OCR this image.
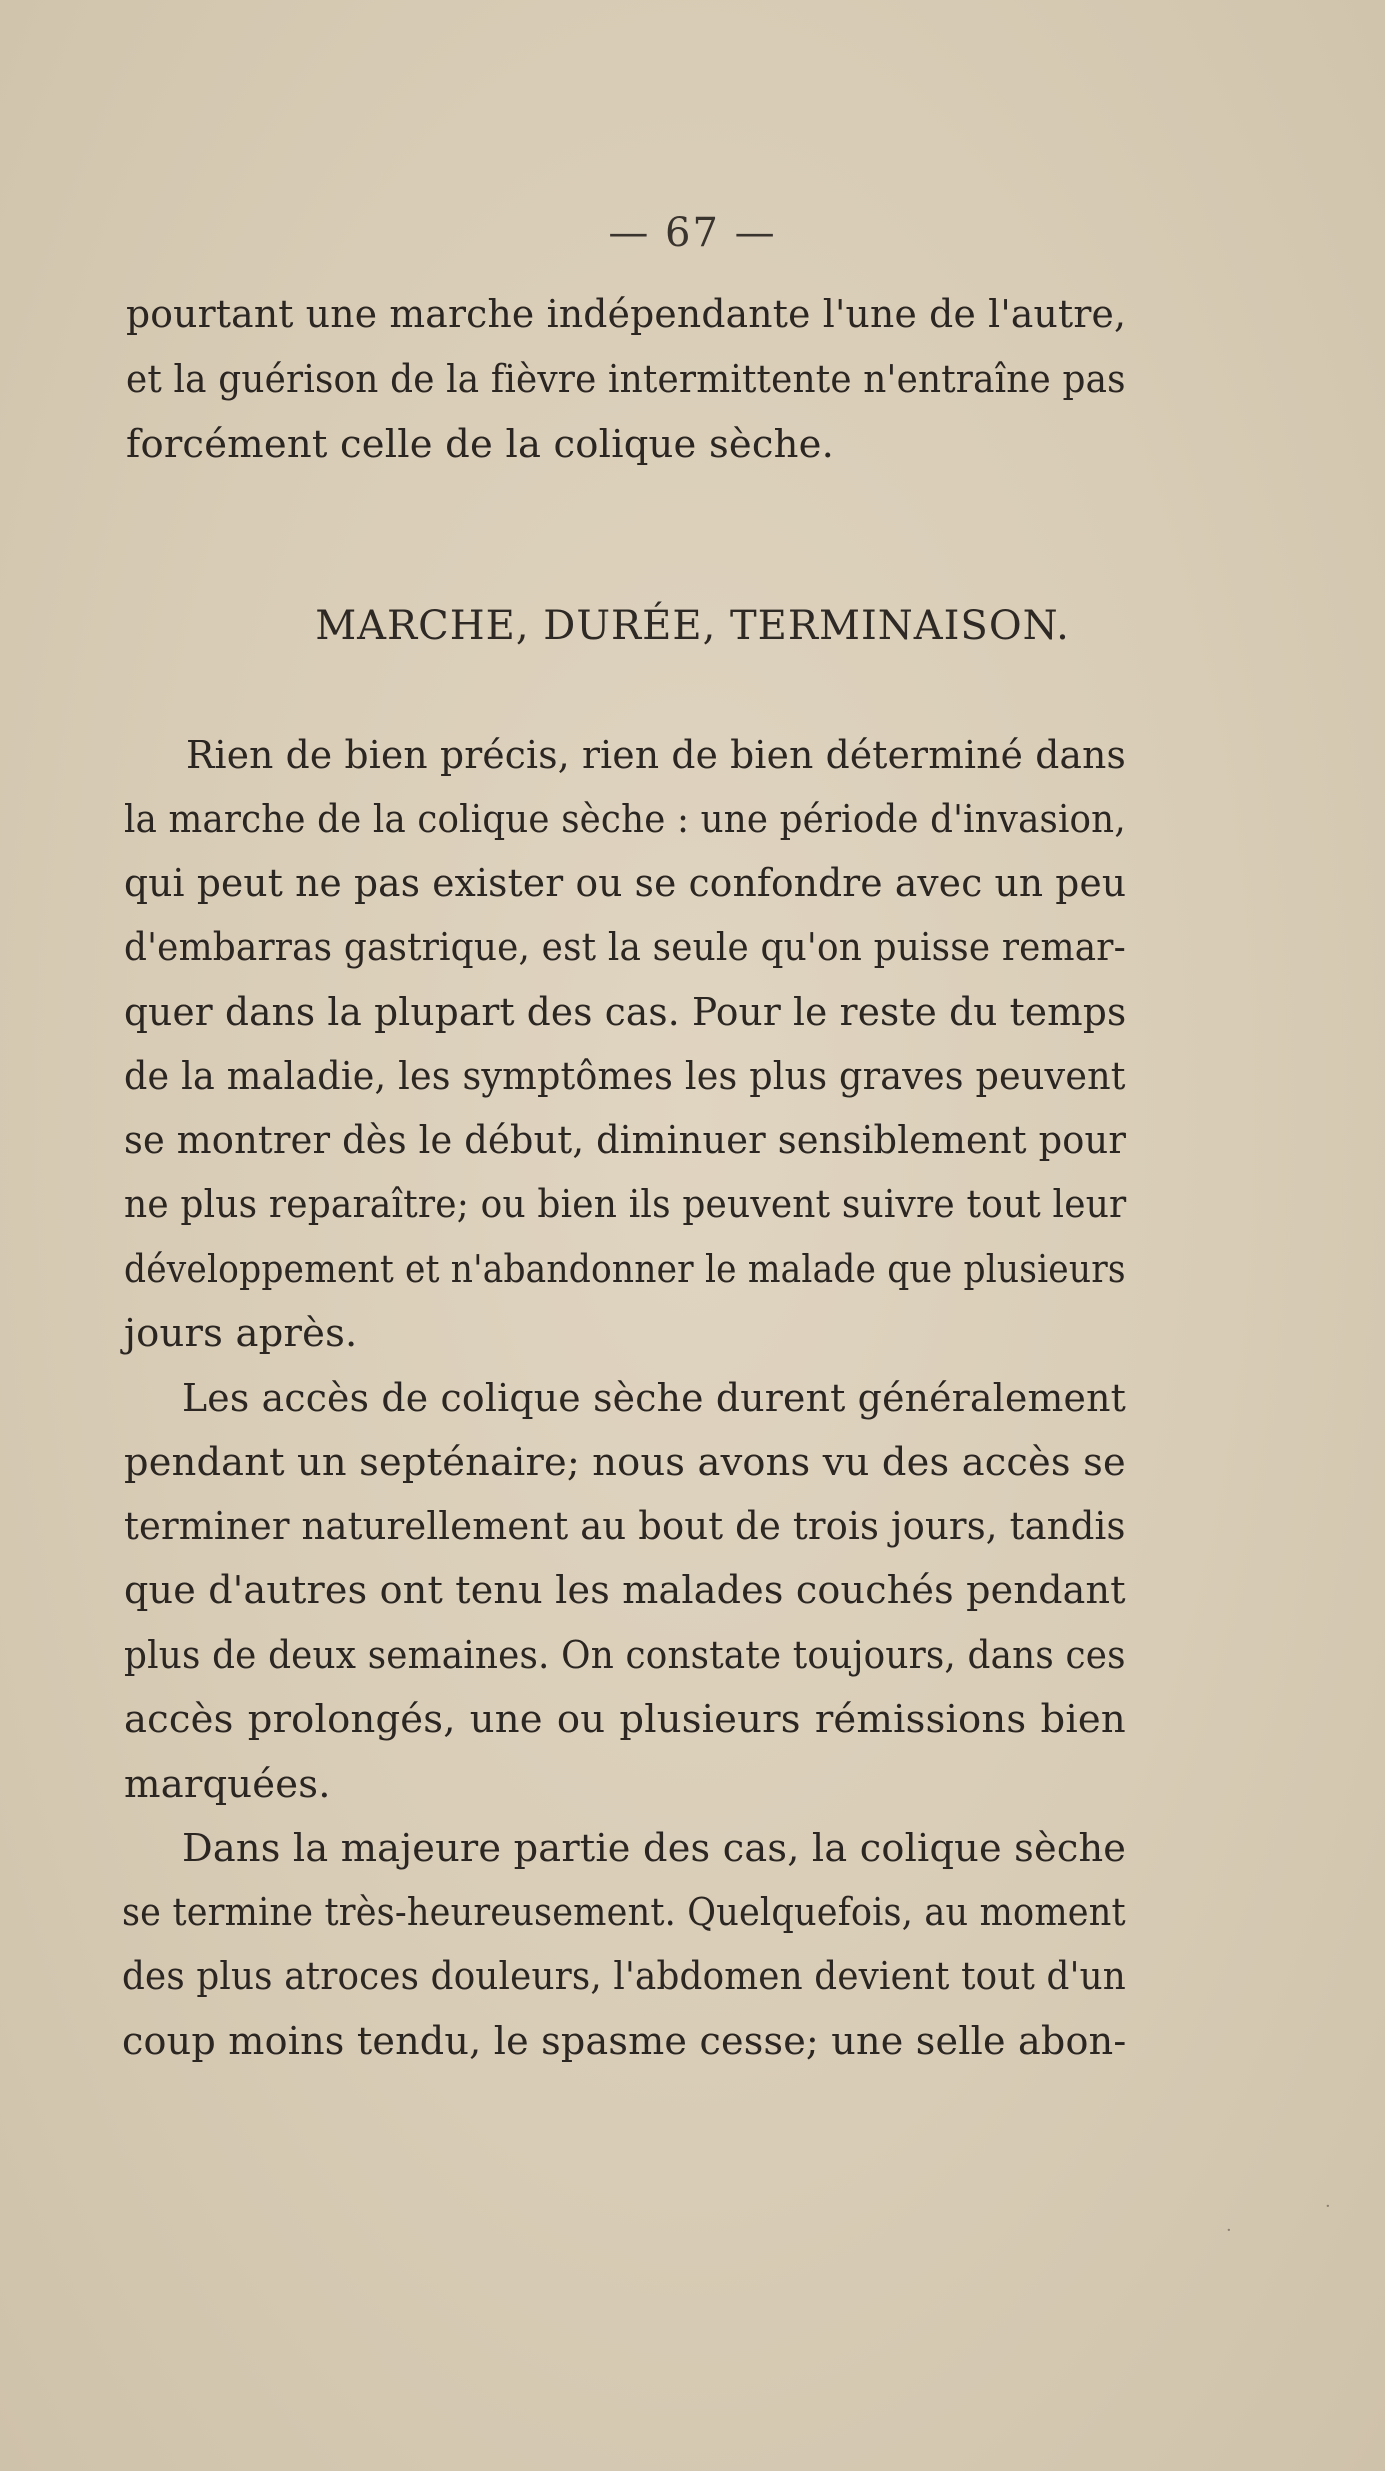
— 67 —
pourtant une marche indépendante l'une de l'autre,
et la guérison de la fièvre intermittente n'entraîne pas
forcément celle de la colique sèche.
MARCHE, DURÉE, TERMINAISON.
Rien de bien précis, rien de bien déterminé dans
la marche de la colique sèche : une période d'invasion,
qui peut ne pas exister ou se confondre avec un peu
d'embarras gastrique, est la seule qu'on puisse remar-
quer dans la plupart des cas. Pour le reste du temps
de la maladie, les symptômes les plus graves peuvent
se montrer dès le début, diminuer sensiblement pour
ne plus reparaître; ou bien ils peuvent suivre tout leur
développement et n'abandonner le malade que plusieurs
jours après.
Les accès de colique sèche durent généralement
pendant un septénaire; nous avons vu des accès se
terminer naturellement au bout de trois jours, tandis
que d'autres ont tenu les malades couchés pendant
plus de deux semaines. On constate toujours, dans ces
accès prolongés, une ou plusieurs rémissions bien
marquées.
Dans la majeure partie des cas, la colique sèche
se termine très-heureusement. Quelquefois, au moment
des plus atroces douleurs, l'abdomen devient tout d'un
coup moins tendu, le spasme cesse; une selle abon-
·
·
